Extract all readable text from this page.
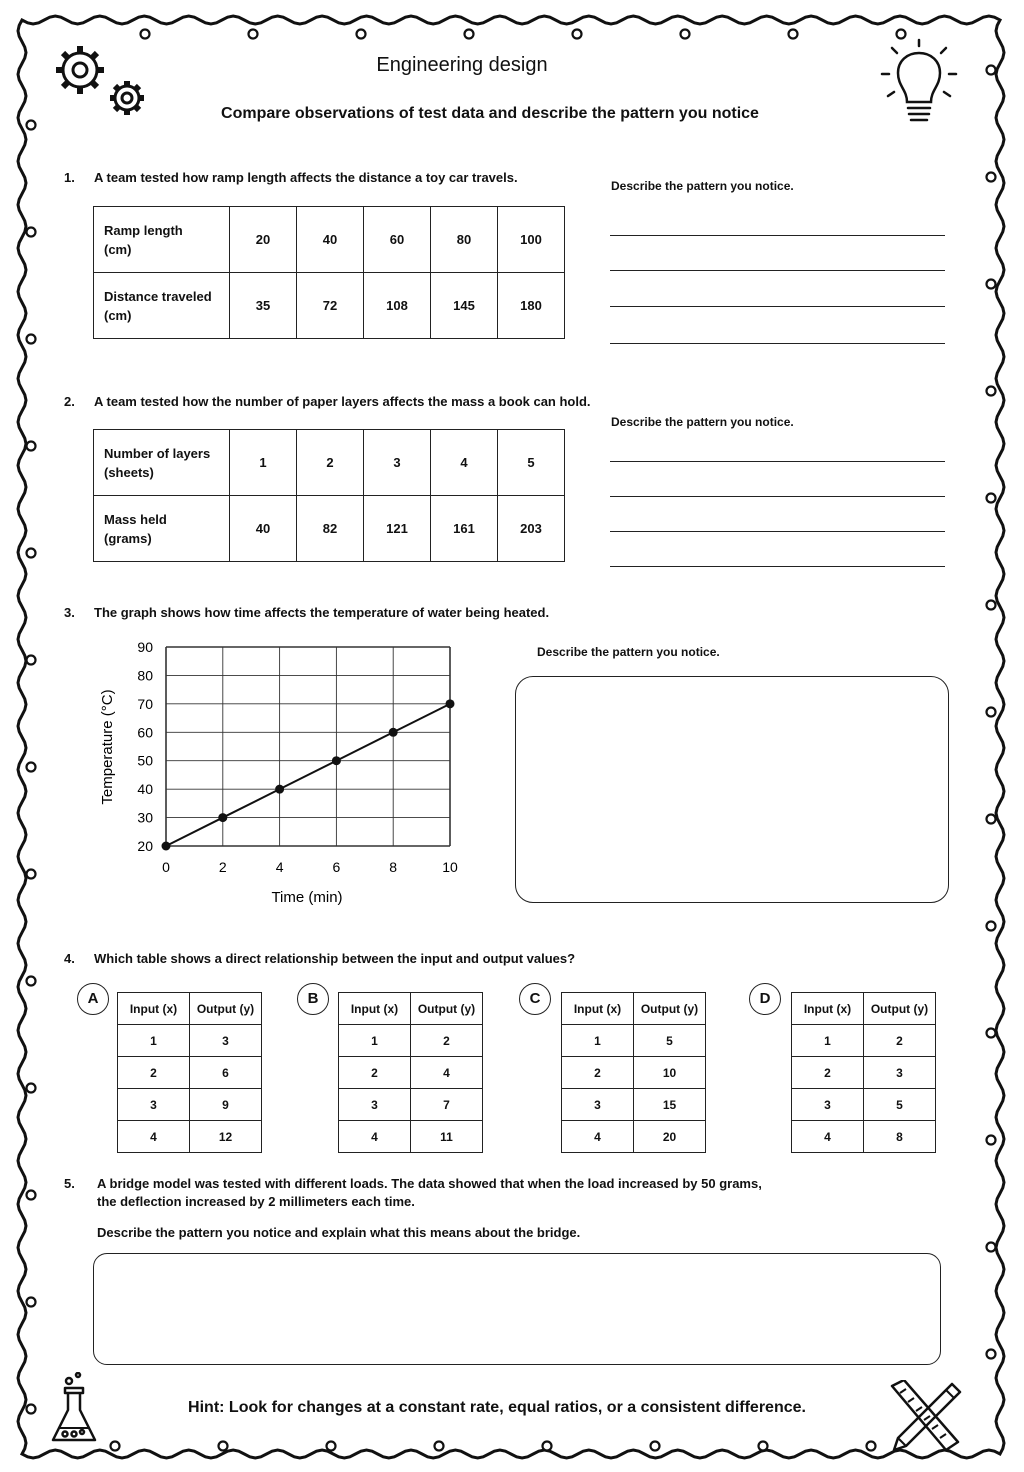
Engineering design
Compare observations of test data and describe the pattern you notice
1. A team tested how ramp length affects the distance a toy car travels.
Describe the pattern you notice.
Ramp length
(cm)	20	40	60	80	100
Distance traveled
(cm)	35	72	108	145	180
2. A team tested how the number of paper layers affects the mass a book can hold.
Describe the pattern you notice.
Number of layers
(sheets)	1	2	3	4	5
Mass held
(grams)	40	82	121	161	203
3. The graph shows how time affects the temperature of water being heated.
0	2	4	6	8	10
20
30
40
50
60
70
80
90
Time (min)
Temperature (°C)
Describe the pattern you notice.
4. Which table shows a direct relationship between the input and output values?
A
Input (x)	Output (y)
1	3
2	6
3	9
4	12
B
Input (x)	Output (y)
1	2
2	4
3	7
4	11
C
Input (x)	Output (y)
1	5
2	10
3	15
4	20
D
Input (x)	Output (y)
1	2
2	3
3	5
4	8
5. A bridge model was tested with different loads. The data showed that when the load increased by 50 grams,
the deflection increased by 2 millimeters each time.
Describe the pattern you notice and explain what this means about the bridge.
Hint: Look for changes at a constant rate, equal ratios, or a consistent difference.
